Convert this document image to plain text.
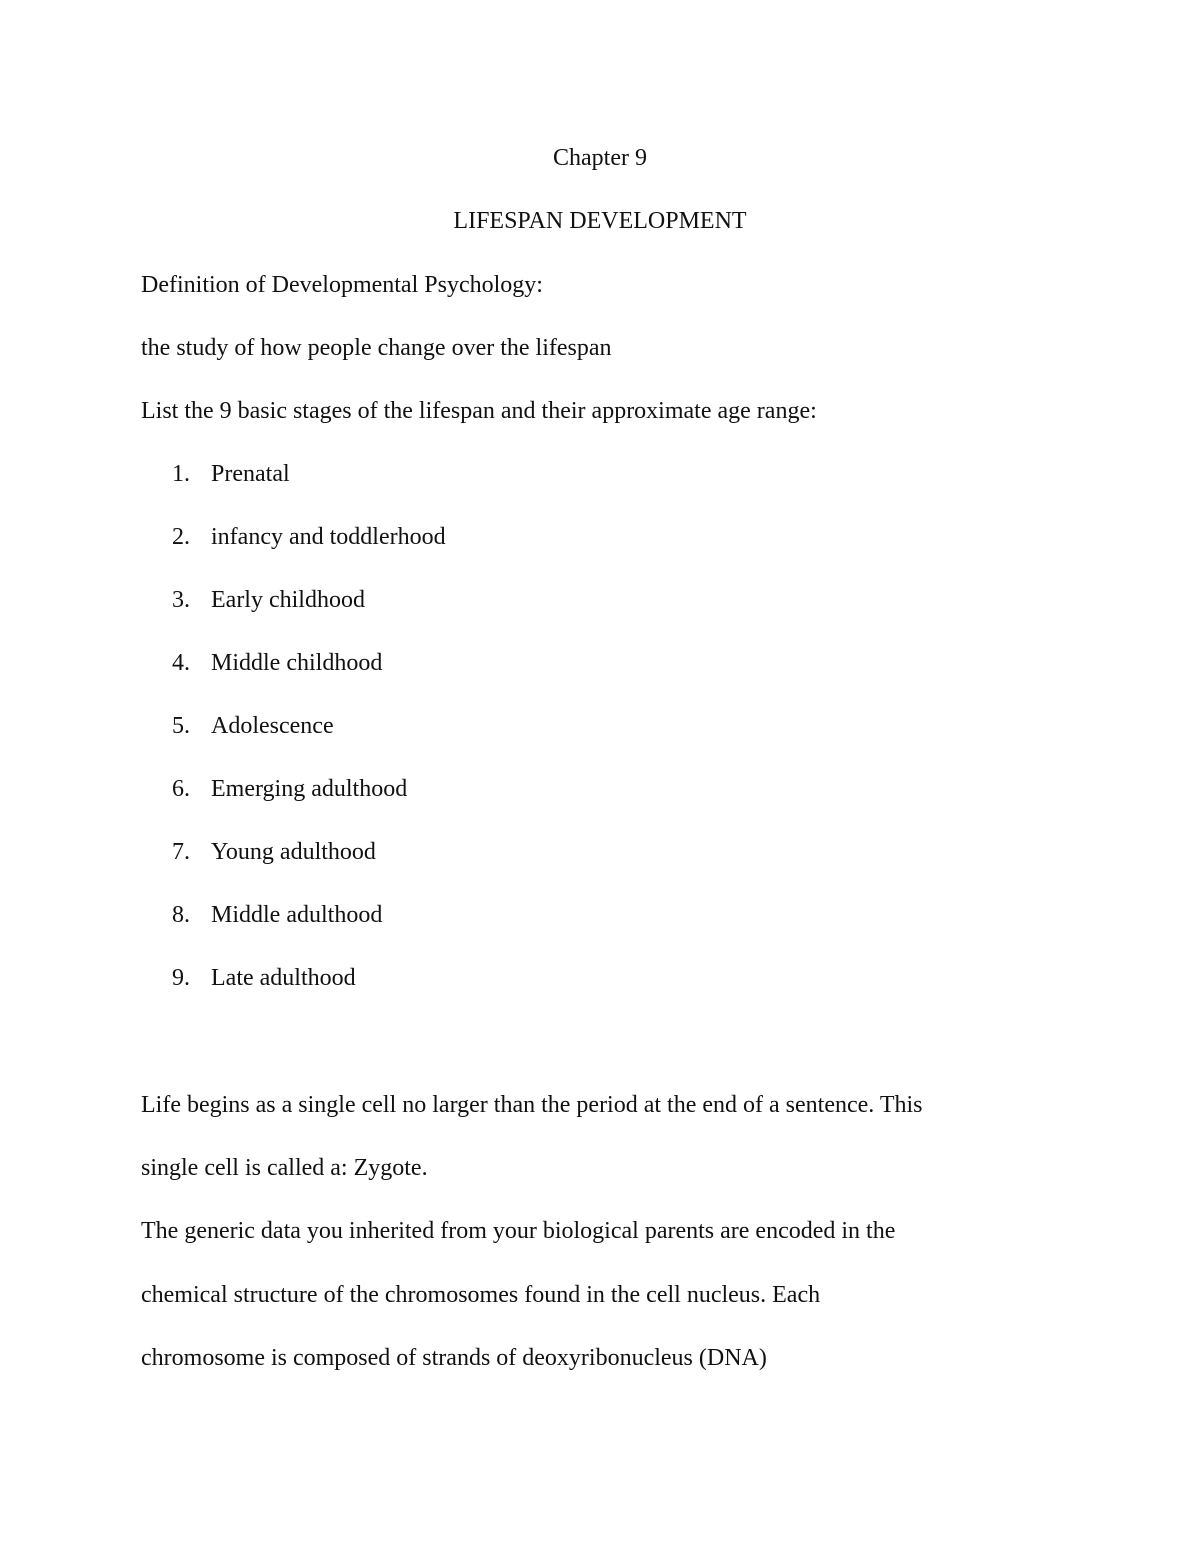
Chapter 9
LIFESPAN DEVELOPMENT
Definition of Developmental Psychology:
the study of how people change over the lifespan
List the 9 basic stages of the lifespan and their approximate age range:
1. Prenatal
2. infancy and toddlerhood
3. Early childhood
4. Middle childhood
5. Adolescence
6. Emerging adulthood
7. Young adulthood
8. Middle adulthood
9. Late adulthood
Life begins as a single cell no larger than the period at the end of a sentence. This
single cell is called a: Zygote.
The generic data you inherited from your biological parents are encoded in the
chemical structure of the chromosomes found in the cell nucleus. Each
chromosome is composed of strands of deoxyribonucleus (DNA)
